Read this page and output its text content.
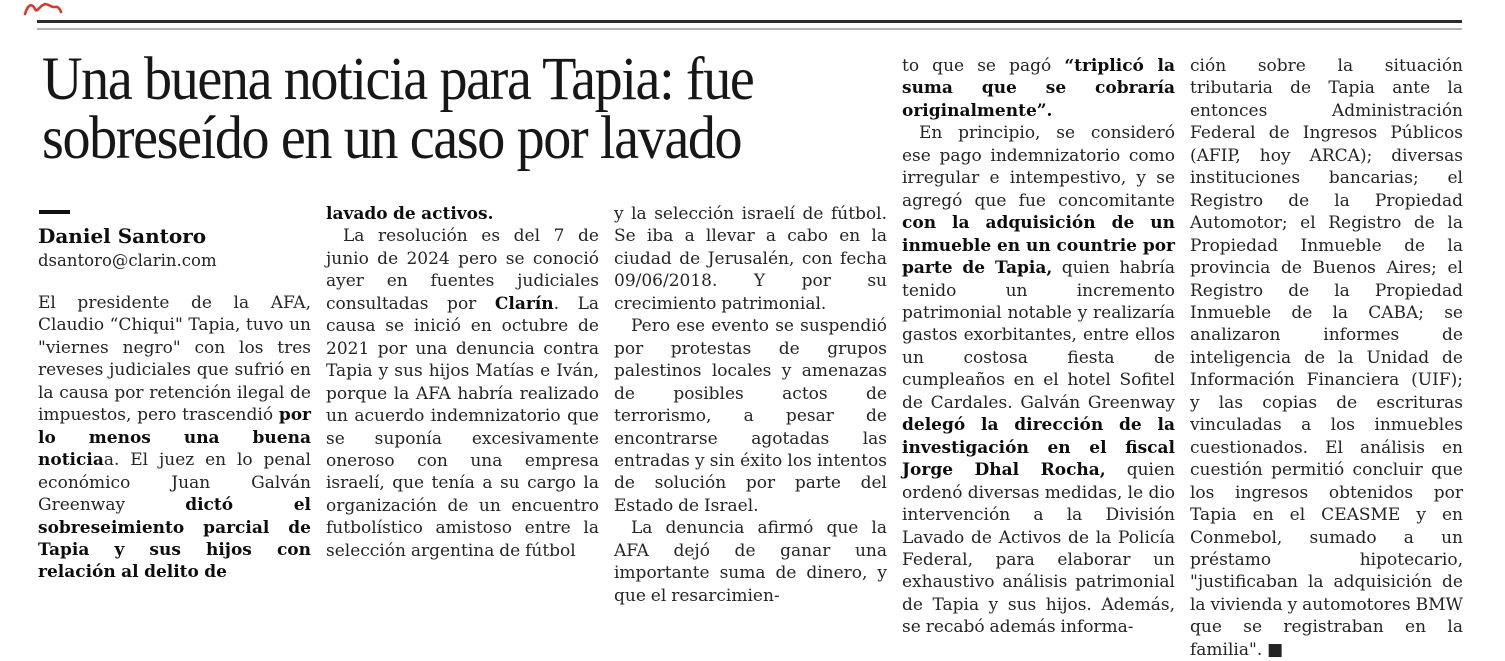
Una buena noticia para Tapia: fue
sobreseído en un caso por lavado
Daniel Santoro
dsantoro@clarin.com

El presidente de la AFA, Claudio “Chiqui" Tapia, tuvo un "viernes negro" con los tres reveses judiciales que sufrió en la causa por retención ilegal de impuestos, pero trascendió por lo menos una buena noticiaa. El juez en lo penal económico Juan Galván Greenway dictó el sobreseimiento parcial de Tapia y sus hijos con relación al delito de

lavado de activos.

La resolución es del 7 de junio de 2024 pero se conoció ayer en fuentes judiciales consultadas por Clarín. La causa se inició en octubre de 2021 por una denuncia contra Tapia y sus hijos Matías e Iván, porque la AFA habría realizado un acuerdo indemnizatorio que se suponía excesivamente oneroso con una empresa israelí, que tenía a su cargo la organización de un encuentro futbolístico amistoso entre la selección argentina de fútbol

y la selección israelí de fútbol. Se iba a llevar a cabo en la ciudad de Jerusalén, con fecha 09/06/2018. Y por su crecimiento patrimonial.

Pero ese evento se suspendió por protestas de grupos palestinos locales y amenazas de posibles actos de terrorismo, a pesar de encontrarse agotadas las entradas y sin éxito los intentos de solución por parte del Estado de Israel.

La denuncia afirmó que la AFA dejó de ganar una importante suma de dinero, y que el resarcimien-

to que se pagó “triplicó la suma que se cobraría originalmente”.

En principio, se consideró ese pago indemnizatorio como irregular e intempestivo, y se agregó que fue concomitante con la adquisición de un inmueble en un countrie por parte de Tapia, quien habría tenido un incremento patrimonial notable y realizaría gastos exorbitantes, entre ellos un costosa fiesta de cumpleaños en el hotel Sofitel de Cardales. Galván Greenway delegó la dirección de la investigación en el fiscal Jorge Dhal Rocha, quien ordenó diversas medidas, le dio intervención a la División Lavado de Activos de la Policía Federal, para elaborar un exhaustivo análisis patrimonial de Tapia y sus hijos. Además, se recabó además informa-

ción sobre la situación tributaria de Tapia ante la entonces Administración Federal de Ingresos Públicos (AFIP, hoy ARCA); diversas instituciones bancarias; el Registro de la Propiedad Automotor; el Registro de la Propiedad Inmueble de la provincia de Buenos Aires; el Registro de la Propiedad Inmueble de la CABA; se analizaron informes de inteligencia de la Unidad de Información Financiera (UIF); y las copias de escrituras vinculadas a los inmuebles cuestionados. El análisis en cuestión permitió concluir que los ingresos obtenidos por Tapia en el CEASME y en Conmebol, sumado a un préstamo hipotecario, "justificaban la adquisición de la vivienda y automotores BMW que se registraban en la familia". ■
